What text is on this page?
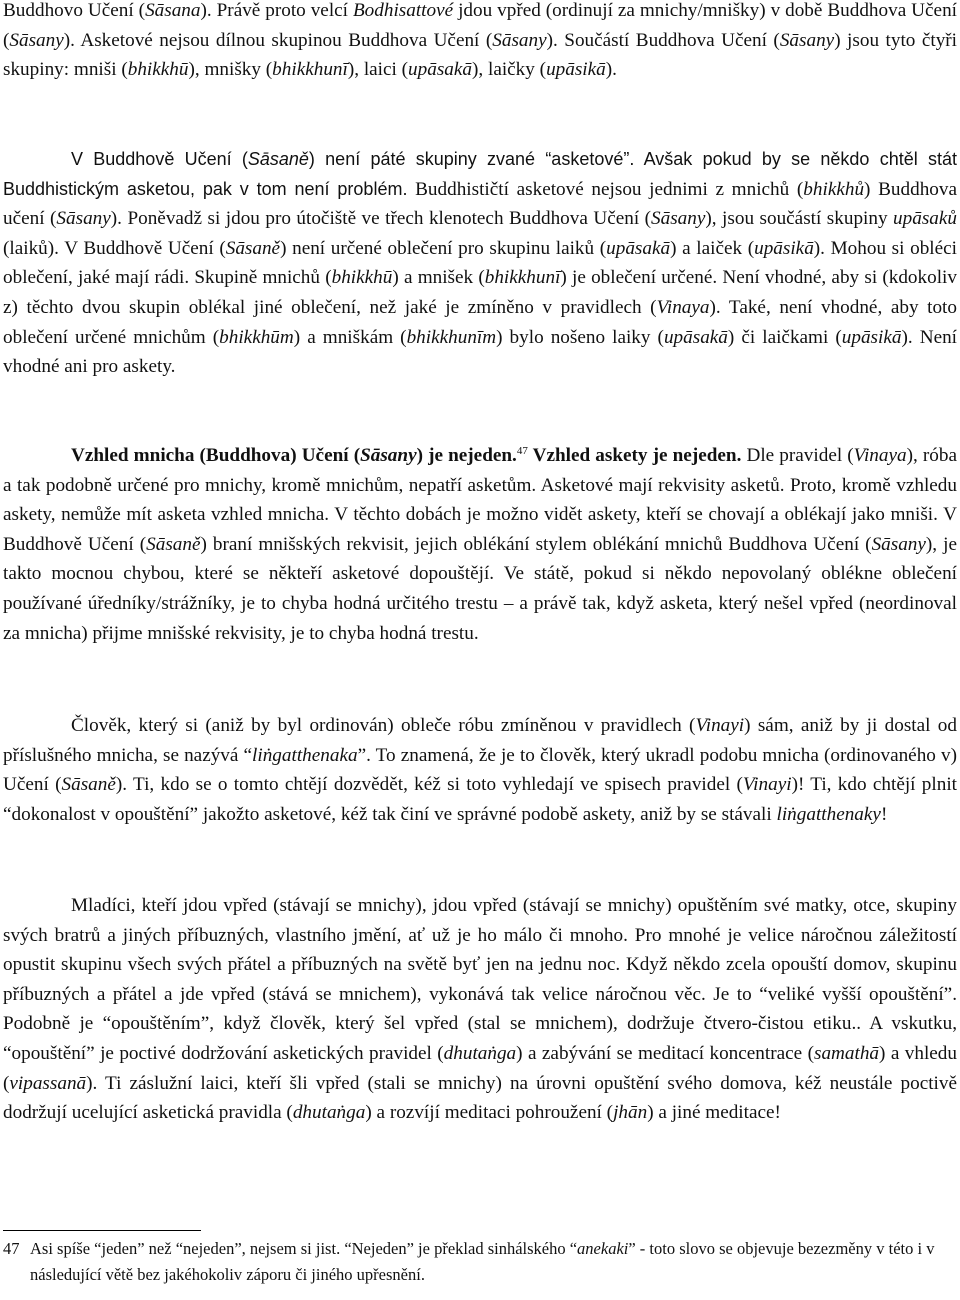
Buddhovo Učení (Sāsana). Právě proto velcí Bodhisattové jdou vpřed (ordinují za mnichy/mnišky) v době Buddhova Učení (Sāsany). Asketové nejsou dílnou skupinou Buddhova Učení (Sāsany). Součástí Buddhova Učení (Sāsany) jsou tyto čtyři skupiny: mniši (bhikkhū), mnišky (bhikkhunī), laici (upāsakā), laičky (upāsikā).

V Buddhově Učení (Sāsaně) není páté skupiny zvané “asketové”. Avšak pokud by se někdo chtěl stát Buddhistickým asketou, pak v tom není problém. Buddhističtí asketové nejsou jednimi z mnichů (bhikkhů) Buddhova učení (Sāsany). Poněvadž si jdou pro útočiště ve třech klenotech Buddhova Učení (Sāsany), jsou součástí skupiny upāsaků (laiků). V Buddhově Učení (Sāsaně) není určené oblečení pro skupinu laiků (upāsakā) a laiček (upāsikā). Mohou si obléci oblečení, jaké mají rádi. Skupině mnichů (bhikkhū) a mnišek (bhikkhunī) je oblečení určené. Není vhodné, aby si (kdokoliv z) těchto dvou skupin oblékal jiné oblečení, než jaké je zmíněno v pravidlech (Vinaya). Také, není vhodné, aby toto oblečení určené mnichům (bhikkhūm) a mniškám (bhikkhunīm) bylo nošeno laiky (upāsakā) či laičkami (upāsikā). Není vhodné ani pro askety.

Vzhled mnicha (Buddhova) Učení (Sāsany) je nejeden.$^{47}$ Vzhled askety je nejeden. Dle pravidel (Vinaya), róba a tak podobně určené pro mnichy, kromě mnichům, nepatří asketům. Asketové mají rekvisity asketů. Proto, kromě vzhledu askety, nemůže mít asketa vzhled mnicha. V těchto dobách je možno vidět askety, kteří se chovají a oblékají jako mniši. V Buddhově Učení (Sāsaně) braní mnišských rekvisit, jejich oblékání stylem oblékání mnichů Buddhova Učení (Sāsany), je takto mocnou chybou, které se někteří asketové dopouštějí. Ve státě, pokud si někdo nepovolaný oblékne oblečení používané úředníky/strážníky, je to chyba hodná určitého trestu – a právě tak, když asketa, který nešel vpřed (neordinoval za mnicha) přijme mnišské rekvisity, je to chyba hodná trestu.

Člověk, který si (aniž by byl ordinován) obleče róbu zmíněnou v pravidlech (Vinayi) sám, aniž by ji dostal od příslušného mnicha, se nazývá “liṅgatthenaka”. To znamená, že je to člověk, který ukradl podobu mnicha (ordinovaného v) Učení (Sāsaně). Ti, kdo se o tomto chtějí dozvědět, kéž si toto vyhledají ve spisech pravidel (Vinayi)! Ti, kdo chtějí plnit “dokonalost v opouštění” jakožto asketové, kéž tak činí ve správné podobě askety, aniž by se stávali liṅgatthenaky!

Mladíci, kteří jdou vpřed (stávají se mnichy), jdou vpřed (stávají se mnichy) opuštěním své matky, otce, skupiny svých bratrů a jiných příbuzných, vlastního jmění, ať už je ho málo či mnoho. Pro mnohé je velice náročnou záležitostí opustit skupinu všech svých přátel a příbuzných na světě byť jen na jednu noc. Když někdo zcela opouští domov, skupinu příbuzných a přátel a jde vpřed (stává se mnichem), vykonává tak velice náročnou věc. Je to “veliké vyšší opouštění”. Podobně je “opouštěním”, když člověk, který šel vpřed (stal se mnichem), dodržuje čtvero-čistou etiku.. A vskutku, “opouštění” je poctivé dodržování asketických pravidel (dhutaṅga) a zabývání se meditací koncentrace (samathā) a vhledu (vipassanā). Ti záslužní laici, kteří šli vpřed (stali se mnichy) na úrovni opuštění svého domova, kéž neustále poctivě dodržují ucelující asketická pravidla (dhutaṅga) a rozvíjí meditaci pohroužení (jhān) a jiné meditace!

47 Asi spíše “jeden” než “nejeden”, nejsem si jist. “Nejeden” je překlad sinhálského “anekaki” - toto slovo se objevuje bezezměny v této i v následující větě bez jakéhokoliv záporu či jiného upřesnění.
